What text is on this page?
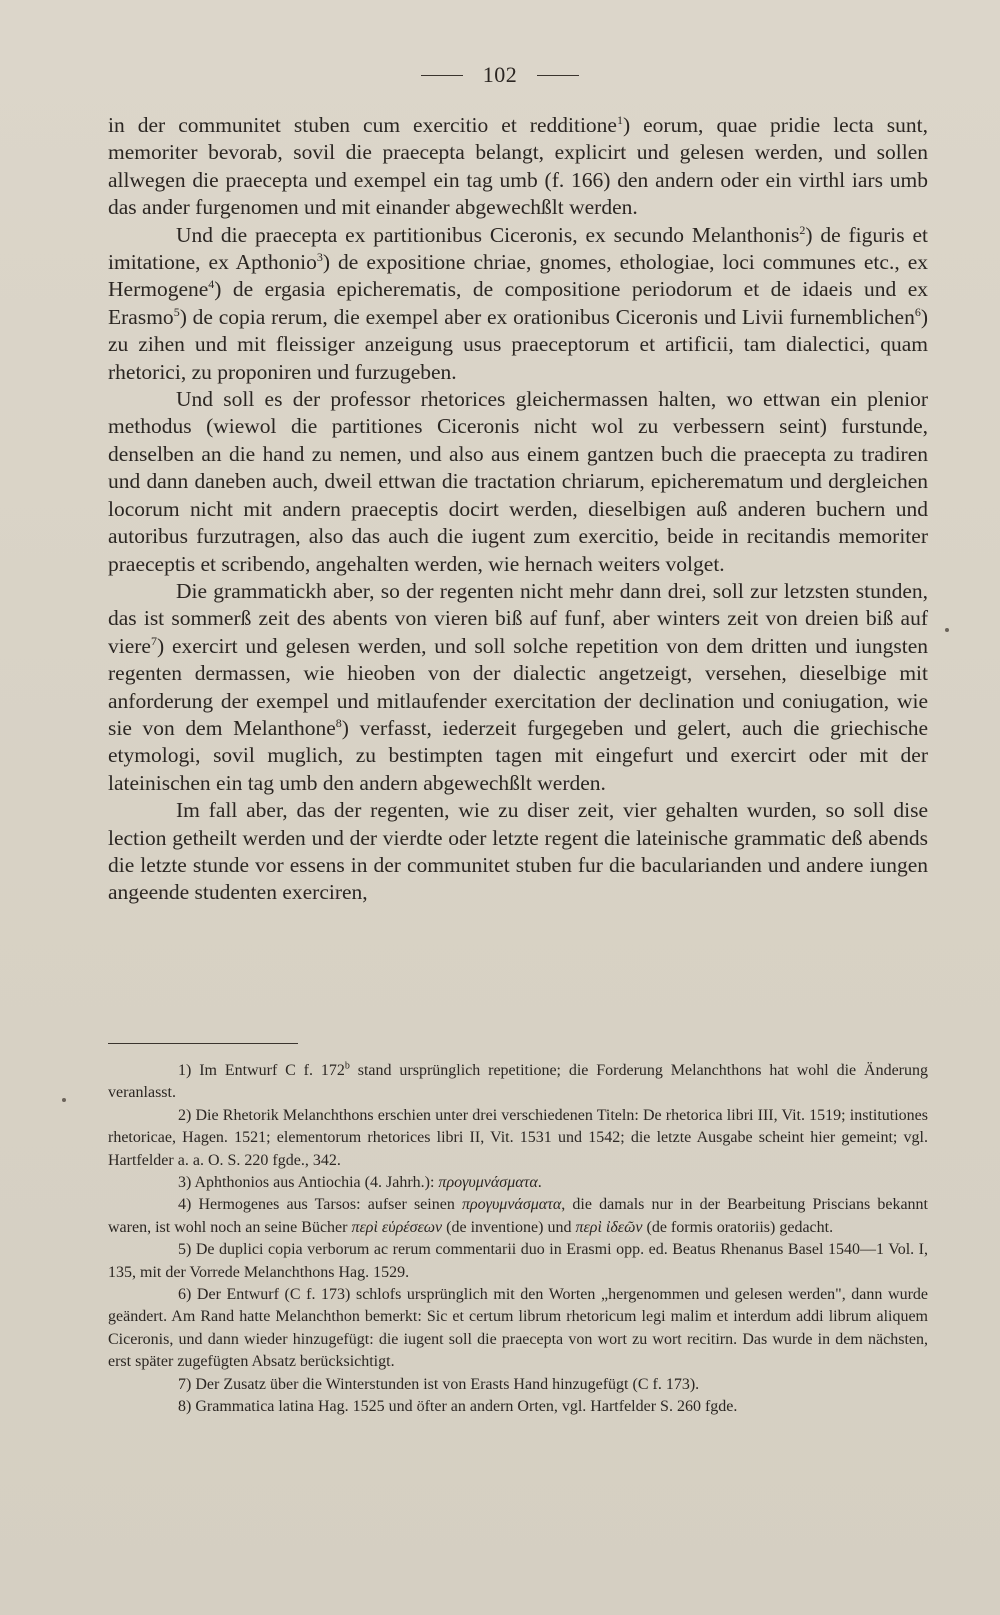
102

in der communitet stuben cum exercitio et redditione$^1$) eorum, quae pridie lecta sunt, memoriter bevorab, sovil die praecepta belangt, explicirt und gelesen werden, und sollen allwegen die praecepta und exempel ein tag umb (f. 166) den andern oder ein virthl iars umb das ander furgenomen und mit einander abgewechßlt werden.

Und die praecepta ex partitionibus Ciceronis, ex secundo Melanthonis$^2$) de figuris et imitatione, ex Apthonio$^3$) de expositione chriae, gnomes, ethologiae, loci communes etc., ex Hermogene$^4$) de ergasia epicherematis, de compositione periodorum et de idaeis und ex Erasmo$^5$) de copia rerum, die exempel aber ex orationibus Ciceronis und Livii furnemblichen$^6$) zu zihen und mit fleissiger anzeigung usus praeceptorum et artificii, tam dialectici, quam rhetorici, zu proponiren und furzugeben.

Und soll es der professor rhetorices gleichermassen halten, wo ettwan ein plenior methodus (wiewol die partitiones Ciceronis nicht wol zu verbessern seint) furstunde, denselben an die hand zu nemen, und also aus einem gantzen buch die praecepta zu tradiren und dann daneben auch, dweil ettwan die tractation chriarum, epicherematum und dergleichen locorum nicht mit andern praeceptis docirt werden, dieselbigen auß anderen buchern und autoribus furzutragen, also das auch die iugent zum exercitio, beide in recitandis memoriter praeceptis et scribendo, angehalten werden, wie hernach weiters volget.

Die grammatickh aber, so der regenten nicht mehr dann drei, soll zur letzsten stunden, das ist sommerß zeit des abents von vieren biß auf funf, aber winters zeit von dreien biß auf viere$^7$) exercirt und gelesen werden, und soll solche repetition von dem dritten und iungsten regenten dermassen, wie hieoben von der dialectic angetzeigt, versehen, dieselbige mit anforderung der exempel und mitlaufender exercitation der declination und coniugation, wie sie von dem Melanthone$^8$) verfasst, iederzeit furgegeben und gelert, auch die griechische etymologi, sovil muglich, zu bestimpten tagen mit eingefurt und exercirt oder mit der lateinischen ein tag umb den andern abgewechßlt werden.

Im fall aber, das der regenten, wie zu diser zeit, vier gehalten wurden, so soll dise lection getheilt werden und der vierdte oder letzte regent die lateinische grammatic deß abends die letzte stunde vor essens in der communitet stuben fur die bacularianden und andere iungen angeende studenten exerciren,

1) Im Entwurf C f. 172$^b$ stand ursprünglich repetitione; die Forderung Melanchthons hat wohl die Änderung veranlasst.

2) Die Rhetorik Melanchthons erschien unter drei verschiedenen Titeln: De rhetorica libri III, Vit. 1519; institutiones rhetoricae, Hagen. 1521; elementorum rhetorices libri II, Vit. 1531 und 1542; die letzte Ausgabe scheint hier gemeint; vgl. Hartfelder a. a. O. S. 220 fgde., 342.

3) Aphthonios aus Antiochia (4. Jahrh.): προγυμνάσματα.

4) Hermogenes aus Tarsos: aufser seinen προγυμνάσματα, die damals nur in der Bearbeitung Priscians bekannt waren, ist wohl noch an seine Bücher περὶ εὑρέσεων (de inventione) und περὶ ἰδεῶν (de formis oratoriis) gedacht.

5) De duplici copia verborum ac rerum commentarii duo in Erasmi opp. ed. Beatus Rhenanus Basel 1540—1 Vol. I, 135, mit der Vorrede Melanchthons Hag. 1529.

6) Der Entwurf (C f. 173) schlofs ursprünglich mit den Worten „hergenommen und gelesen werden", dann wurde geändert. Am Rand hatte Melanchthon bemerkt: Sic et certum librum rhetoricum legi malim et interdum addi librum aliquem Ciceronis, und dann wieder hinzugefügt: die iugent soll die praecepta von wort zu wort recitirn. Das wurde in dem nächsten, erst später zugefügten Absatz berücksichtigt.

7) Der Zusatz über die Winterstunden ist von Erasts Hand hinzugefügt (C f. 173).

8) Grammatica latina Hag. 1525 und öfter an andern Orten, vgl. Hartfelder S. 260 fgde.
